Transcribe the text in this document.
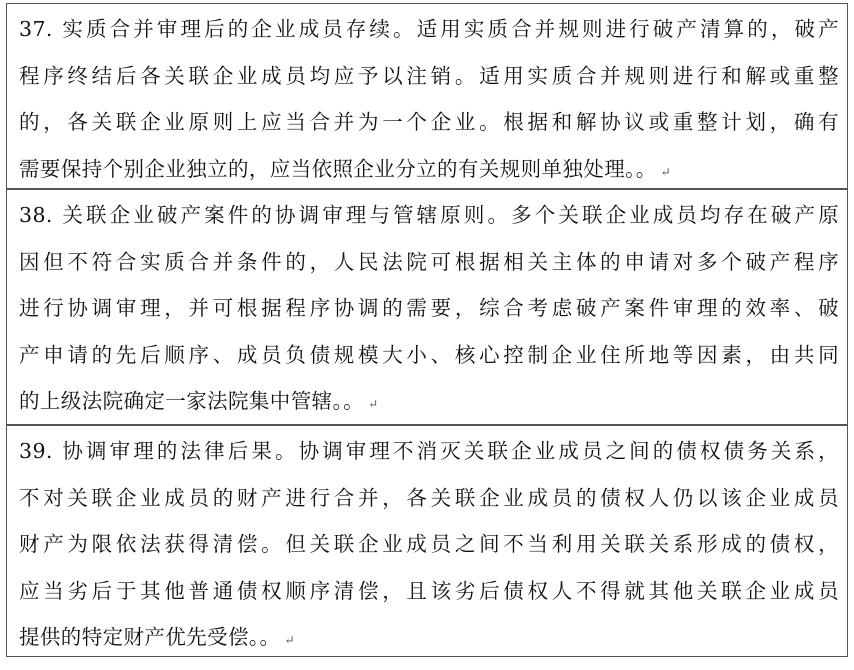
37. 实质合并审理后的企业成员存续。适用实质合并规则进行破产清算的，破产
程序终结后各关联企业成员均应予以注销。适用实质合并规则进行和解或重整
的，各关联企业原则上应当合并为一个企业。根据和解协议或重整计划，确有
需要保持个别企业独立的，应当依照企业分立的有关规则单独处理。。 ↵
38. 关联企业破产案件的协调审理与管辖原则。多个关联企业成员均存在破产原
因但不符合实质合并条件的，人民法院可根据相关主体的申请对多个破产程序
进行协调审理，并可根据程序协调的需要，综合考虑破产案件审理的效率、破
产申请的先后顺序、成员负债规模大小、核心控制企业住所地等因素，由共同
的上级法院确定一家法院集中管辖。。 ↵
39. 协调审理的法律后果。协调审理不消灭关联企业成员之间的债权债务关系，
不对关联企业成员的财产进行合并，各关联企业成员的债权人仍以该企业成员
财产为限依法获得清偿。但关联企业成员之间不当利用关联关系形成的债权，
应当劣后于其他普通债权顺序清偿，且该劣后债权人不得就其他关联企业成员
提供的特定财产优先受偿。。 ↵
